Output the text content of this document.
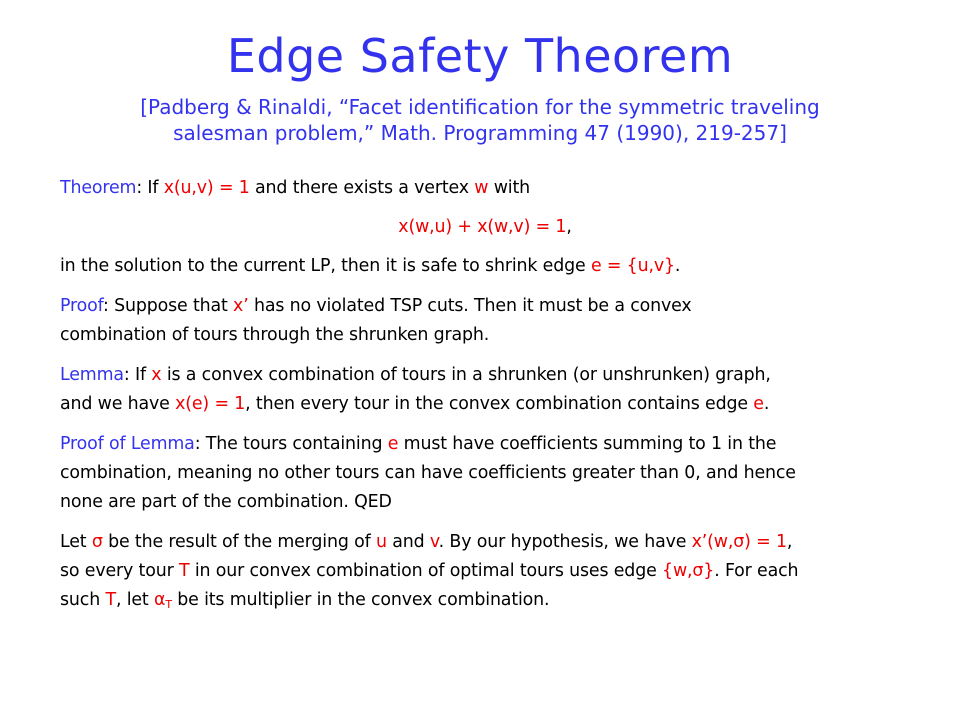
Edge Safety Theorem
[Padberg & Rinaldi, “Facet identification for the symmetric traveling
salesman problem,” Math. Programming 47 (1990), 219-257]
Theorem: If x(u,v) = 1 and there exists a vertex w with
x(w,u) + x(w,v) = 1,
in the solution to the current LP, then it is safe to shrink edge e = {u,v}.
Proof: Suppose that x’ has no violated TSP cuts. Then it must be a convex
combination of tours through the shrunken graph.
Lemma: If x is a convex combination of tours in a shrunken (or unshrunken) graph,
and we have x(e) = 1, then every tour in the convex combination contains edge e.
Proof of Lemma: The tours containing e must have coefficients summing to 1 in the
combination, meaning no other tours can have coefficients greater than 0, and hence
none are part of the combination. QED
Let σ be the result of the merging of u and v. By our hypothesis, we have x’(w,σ) = 1,
so every tour T in our convex combination of optimal tours uses edge {w,σ}. For each
such T, let $\alpha_T$ be its multiplier in the convex combination.
